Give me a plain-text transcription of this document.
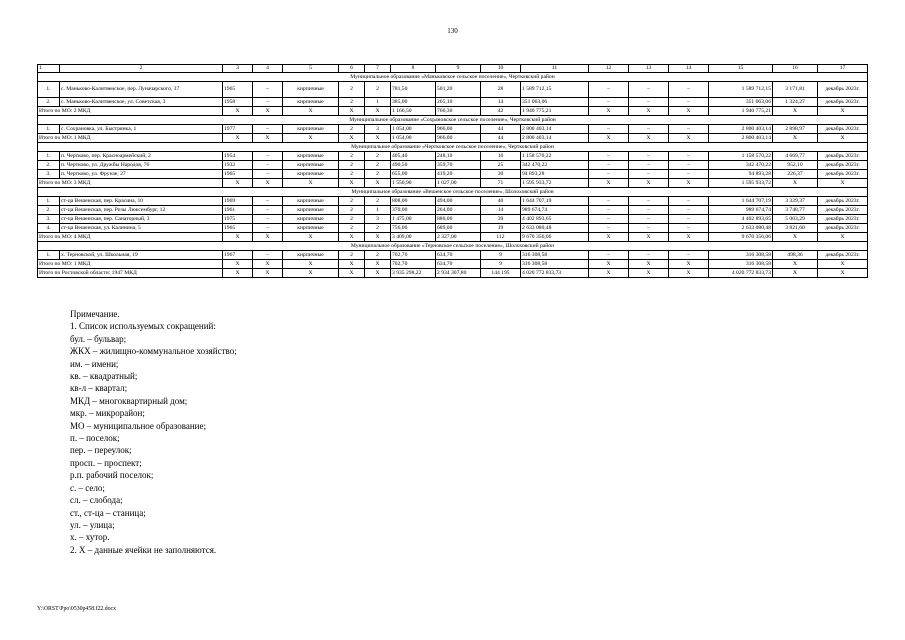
130
1	2	3	4	5	6	7	8	9	10	11	12	13	14	15	16	17
Муниципальное образование «Маньковское сельское поселение», Чертковский район																
1.	с. Маньково-Калитвенское, пер. Луначарского, 37	1965	–	кирпичные	2	2	781,50	501,20	28	1 589 712,15	–	–	–	1 589 712,15	3 171,81	декабрь 2023г.
2.	с. Маньково-Калитвенское, ул. Советская, 3	1958	–	кирпичные	2	1	385,00	265,10	14	351 063,06	–	–	–	351 063,06	1 324,27	декабрь 2023г.
Итого по МО: 2 МКД		X	X	X	X	X	1 166,50	766,30	42	1 940 775,21	X	X	X	1 940 775,21	X	X
Муниципальное образование «Сохрановское сельское поселение», Чертковский район																
1.	с. Сохрановка, ул. Быстрянка, 1	1977	–	кирпичные	2	3	1 054,00	966,00	44	2 800 403,14	–	–	–	2 800 403,14	2 898,97	декабрь 2023г.
Итого по МО: 1 МКД		X	X	X	X	X	1 054,00	966,00	44	2 800 403,14	X	X	X	2 800 403,14	X	X
Муниципальное образование «Чертковское сельское поселение», Чертковский район																
1.	п. Чертково, пер. Красноармейский, 2	1954	–	кирпичные	2	2	405,40	248,10	16	1 158 570,22	–	–	–	1 158 570,22	4 669,77	декабрь 2023г.
2.	п. Чертково, ул. Дружбы Народов, 76	1932	–	кирпичные	2	2	490,50	359,70	25	342 470,22	–	–	–	342 470,22	952,10	декабрь 2023г.
3.	п. Чертково, ул. Фрунзе, 27	1965	–	кирпичные	2	2	655,00	419,20	30	94 893,28	–	–	–	94 893,28	226,37	декабрь 2023г.
Итого по МО: 3 МКД		X	X	X	X	X	1 550,90	1 027,00	71	1 595 933,72	X	X	X	1 595 933,72	X	X
Муниципальное образование «Вешенское сельское поселение», Шолоховский район																
1.	ст-ца Вешенская, пер. Красина, 10	1969	–	кирпичные	2	2	808,00	494,00	40	1 644 707,19	–	–	–	1 644 707,19	3 329,37	декабрь 2023г.
2.	ст-ца Вешенская, пер. Розы Люксембург, 12	1961	–	кирпичные	2	1	370,00	264,00	14	989 674,74	–	–	–	989 674,74	3 748,77	декабрь 2023г.
3.	ст-ца Вешенская, пер. Санаторный, 3	1975	–	кирпичные	2	3	1 475,00	880,00	39	4 402 893,65	–	–	–	4 402 893,65	5 003,29	декабрь 2023г.
4.	ст-ца Вешенская, ул. Калинина, 5	1965	–	кирпичные	2	2	756,00	689,00	19	2 633 080,48	–	–	–	2 633 080,48	3 821,60	декабрь 2023г.
Итого по МО: 4 МКД		X	X	X	X	X	3 409,00	2 327,00	112	9 670 356,06	X	X	X	9 670 356,06	X	X
Муниципальное образование «Терновское сельское поселение», Шолоховский район																
1.	х. Терновской, ул. Школьная, 19	1967	–	кирпичные	2	2	702,70	634,70	9	316 308,58	–	–	–	316 308,58	498,36	декабрь 2023г.
Итого по МО: 1 МКД		X	X	X	X	X	702,70	634,70	9	316 308,58	X	X	X	316 308,58	X	X
Итого по Ростовской области: 1947 МКД		X	X	X	X	X	3 935 298,22	2 934 307,80	144 195	4 020 772 833,73	X	X	X	4 020 772 833,73	X	X
Примечание.
1. Список используемых сокращений:
бул. – бульвар;
ЖКХ – жилищно-коммунальное хозяйство;
им. – имени;
кв. – квадратный;
кв-л – квартал;
МКД – многоквартирный дом;
мкр. – микрорайон;
МО – муниципальное образование;
п. – поселок;
пер. – переулок;
просп. – проспект;
р.п. рабочий поселок;
с. – село;
сл. – слобода;
ст., ст-ца – станица;
ул. – улица;
х. – хутор.
2. Х – данные ячейки не заполняются.
Y:\ORST\Ppo\0530p458.f22.docx
